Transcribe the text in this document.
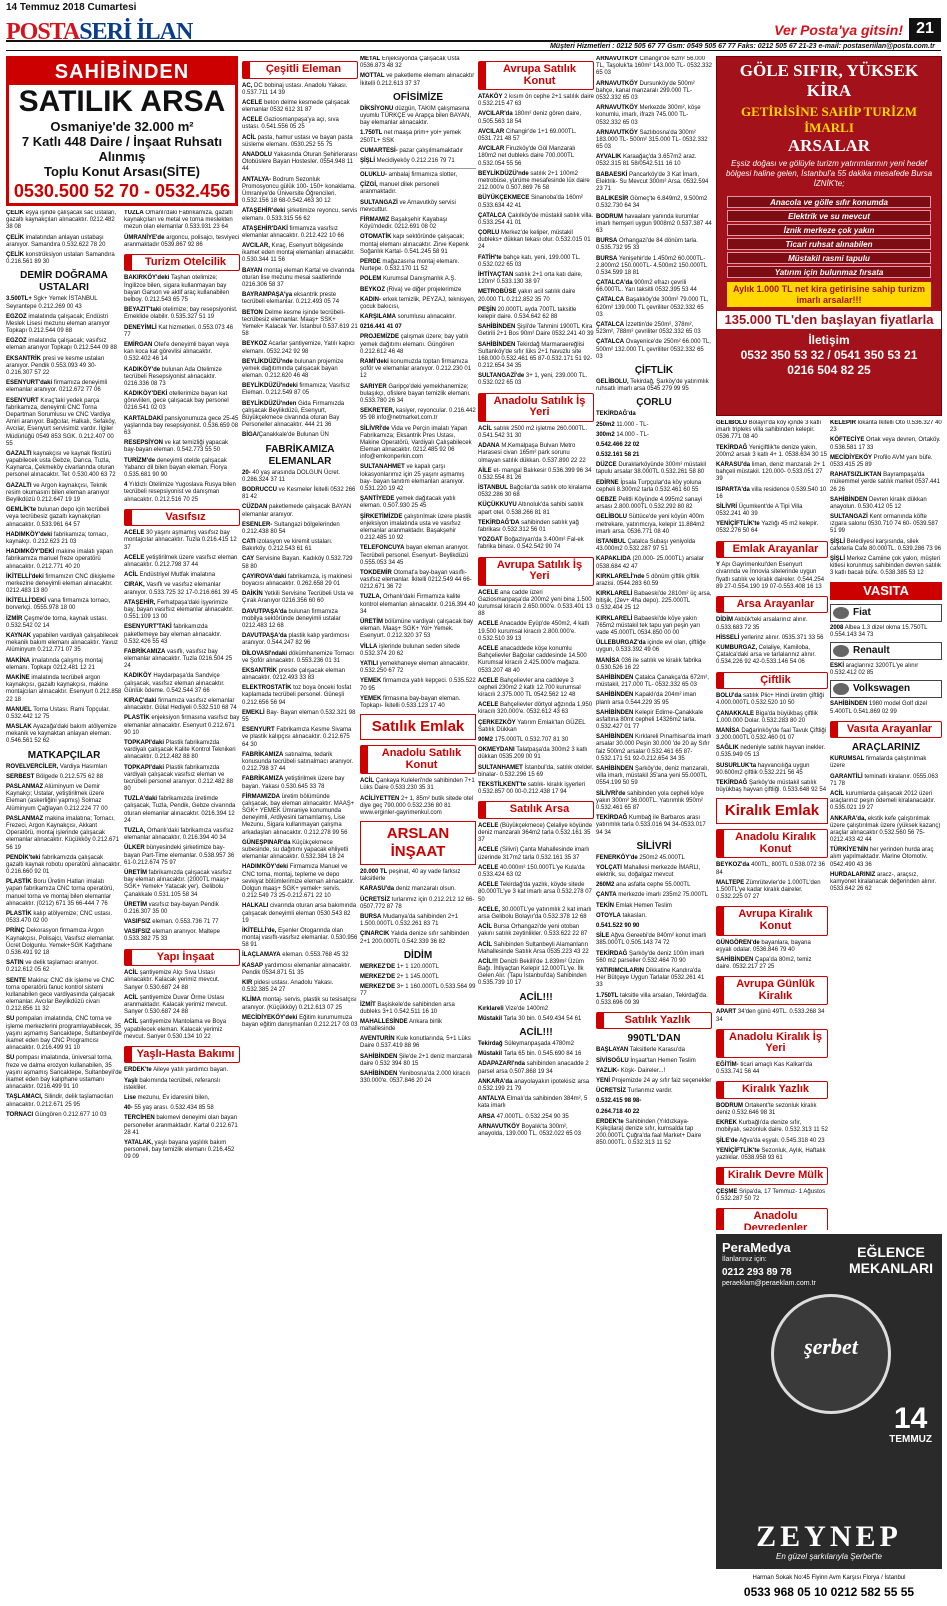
14 Temmuz 2018 Cumartesi
POSTASERİ İLAN	Ver Posta'ya gitsin! 21
Müşteri Hizmetleri : 0212 505 67 77 Gsm: 0549 505 67 77 Faks: 0212 505 67 21-23 e-mail: postaseriilan@posta.com.tr
SAHİBİNDEN
SATILIK ARSA
Osmaniye'de 32.000 m²
7 Katlı 448 Daire / İnşaat Ruhsatı Alınmış
Toplu Konut Arsası(SİTE)
0530.500 52 70 - 0532.456
GÖLE SIFIR, YÜKSEK KİRA
GETİRİSİNE SAHİP TURİZM İMARLI
ARSALAR
Eşsiz doğası ve gölüyle turizm yatırımlarının yeni hedef bölgesi haline gelen, İstanbul'a 55 dakika mesafede Bursa İZNİK'te;
Anacola ve gölle sıfır konumda
Elektrik ve su mevcut
İznik merkeze çok yakın
Ticari ruhsat alınabilen
Müstakil rasmi tapulu
Yatırım için bulunmaz fırsata
Aylık 1.000 TL net kira getirisine sahip turizm imarlı arsalar!!!
135.000 TL'den başlayan fiyatlarla
İletişim
0532 350 53 32 / 0541 350 53 21
0216 504 82 25
PeraMedya	EĞLENCE MEKANLARI
İlanlarınız için:
0212 293 89 78
peraeklam@peraeklam.com.tr
şerbet
14
TEMMUZ
ZEYNEP
En güzel şarkılarıyla Şerbet'te
Harman Sokak No:45 Fiyinn Avm Karşısı Florya / İstanbul
0533 968 05 10 0212 582 55 55

ÇELİK eşya işinde çalışacak sac ustaları, gazaltı kaynakçıları alınacaktır. 0212.482 38 08

ÇELİK imalatından anlayan ustabaşı aranıyor. Samandıra 0.532.622 78 20

ÇELİK konstrüksiyon ustaları Samandıra 0.216.561 89 30

DEMİR DOĞRAMA USTALARI

3.500TL+ Sgk+ Yemek İSTANBUL Seyrantepe 0.212.269 00 43

EGZOZ imalatında çalışacak; Endüstri Meslek Lisesi mezunu eleman aranıyor Topkapı 0.212.544 09 88

EGZOZ imalatında çalışacak; vasıfsız eleman aranıyor Topkapı 0.212.544 09 88

EKSANTRİK presi ve kesme ustaları aranıyor. Pendik 0.553.093 49 30-0.216.307 57 22

ESENYURT'daki firmamıza deneyimli elemanlar aranıyor. 0212.672 77 06

ESENYURT Kıraç'taki yedek parça fabrikamıza, deneyimli CNC Torna Departman Sorumlusu ve CNC Vardiya Amiri aranıyor. Bağcılar, Halkalı, Sefaköy, Avcılar, Esenyurt servisimiz vardır. İlgiler Müdürlüğü 0549 853 SGK. 0.212.407 00 55

GAZALTI kaynakçısı ve kaynak fikstürü yapabilecek usta Gebze, Darıca, Tuzla, Kaynarca, Çekmeköy civarlarında oturan personel alınacaktır. Tel: 0.530.400 63 72

GAZALTI ve Argon kaynakçısı, Teknik resim okumasını bilen eleman aranıyor Beylikdüzü 0.212.647 19 19

GEMLİK'te bulunan depo için tecrübeli veya tecrübesiz gazaltı kaynakçıları alınacaktır. 0.533.961 64 57

HADIMKÖY'deki fabrikamıza; tornacı, kaynakçı. 0.212.623 21 03

HADIMKÖY'DEKİ makine imalatı yapan fabrikamıza manuel freze operatörü alınacaktır. 0.212.771 40 20

İKİTELLİ'deki firmamızın CNC dikişleme merkezine deneyimli eleman alınacaktır. 0212.483 13 80

İKİTELLİ'DEKİ vana firmamıza tornacı, borverkçi. 0555.978 18 00

İZMİR Çeşme'de torna, kaynak ustası. 0.532.542 02 14

KAYNAK yapabilen vardiyalı çalışabilecek mekanik bakım elemanı alınacaktır. Yavuz Alüminyum 0.212.771 07 35

MAKİNA imalatında çalışmış montaj elemanı. Topkapı 0212.481 12 21

MAKİNE imalatında tecrübeli argon kaynakçısı, gazaltı kaynakçısı, makine montajcıları alınacaktır. Esenyurt 0.212.858 22 18

MANUEL Torna Ustası. Rami Topçular. 0.532.442 12 75

MASLAK Ayazağa'daki bakım atölyemize mekanik ve kaynaktan anlayan eleman. 0.546.561 52 62

MATKAPÇILAR

ROVELVERCİLER, Vardiya Hasımları

SERBEST Bölgede 0.212.575 62 88

PASLANMAZ Alüminyum ve Demir Kaynakçı; Ustalar, yetiştirilmek üzere Eleman (askerliğini yapmış) Solmaz Alüminyum Çağlayan 0.212.224 77 00

PASLANMAZ makina imalatına; Tornacı, Frezeci, Argon Kaynakçısı, Akkant Operatörü, montaj işlerinde çalışacak elemanlar alınacaktır. Küçükköy 0.212.671 56 19

PENDİK'teki fabrikamızda çalışacak gazaltı kaynak robotu operatörü alınacaktır. 0.216.660 92 01

PLASTİK Boru Üretim Hatları imalatı yapan fabrikamıza CNC torna operatörü, manuel torna ve montaj bilen elemanlar alınacaktır. (0212) 671 35 66-444 7 76

PLASTİK kalıp atölyemize; CNC ustası. 0533.470 02 00

PRİNÇ Dekorasyon firmamıza Argon Kaynakçısı, Polisajcı, Vasıfsız elemanlar. Ücret Dolgunlu. Yemek+SGK Kağıthane 0.536.491 92 18

SATIN ve delik taşlamacı aranıyor. 0.212.612 05 62

SENTE Makina; CNC dik işleme ve CNC torna operatörü fanuc kontrol sistemi kullanabilen gece vardiyasında çalışacak elemanlar. Avcılar Beylikdüzü civarı 0.212.856 11 32

SU pompaları imalatında, CNC torna ve işleme merkezlerini programlayabilecek, 35 yaşını aşmamış Sancaktepe, Sultanbeyli'de ikamet eden bay CNC Programcısı alınacaktır. 0.216.499 91 10

SU pompası imalatında, üniversal torna, freze ve dalma erozyon kullanabilen, 35 yaşını aşmamış Sancaktepe, Sultanbeyli'de ikamet eden bay kalıphane ustamanı alınacaktır. 0216.499 91 10

TAŞLAMACI, Silindir, delik taşlamacıları alınacaktır. 0.212.671 25 95

TORNACI Güngören 0.212.677 10 03

TUZLA Orhanlı'daki Fabrikamıza, gazaltı kaynakçıları ve metal ve torna meslekten mezun olan elemanlar 0.533.931 23 64

ÜMRANİYE'de argoncu, polisajcı, tesviyeci aranmaktadır 0539.867 92 86

Turizm Otelcilik

BAKIRKÖY'deki Taşhan otelimize; İngilizce bilen, sigara kullanmayan bay bayan Garson ve aktif araç kullanabilen belboy. 0.212.543 65 75

BEYAZIT'taki otelimize; bay resepsiyonist. Emeklide olabilir. 0.535.327 51 19

DENEYİMLİ Kat hizmetleri. 0.553.073 46 77

EMİRGAN Otel'e deneyimli bayan veya kan koca kat görevlisi alınacaktır. 0.532.402 46 14

KADIKÖY'de bulunan Ada Otelimize tecrübeli Resepsiyonist alınacaktır. 0216.336 08 73

KADIKÖY'DEKİ otellerimize bayan kat görevlileri, gece çalışacak bay personel 0216.541 02 03

KARTALDAKİ pansiyonumuza gece 25-45 yaşlarında bay resepsiyonist. 0.536.659 08 63

RESEPSİYON ve kat temizliği yapacak bay-bayan eleman. 0.542.773 55 50

TURİZM'de deneyimli otelde çalışacak Yabancı dil bilen bayan eleman. Florya 0.535.681 90 90

4 Yıldızlı Otelimize Yugoslava Rusya bilen tecrübeli resepsiyonist ve danışman alınacaktır. 0.212.516 70 25

Vasıfsız

ACELE 30 yaşını aşmamış vasıfsız bay montajcılar alınacaktır. Tuzla 0.216.415 12 37

ACELE yetiştirilmek üzere vasıfsız eleman alınacaktır. 0.212.798 37 44

ACİL Endüstriyel Mutfak imalatına

CIRAK, Vasıflı ve vasıfsız elemanlar aranıyor. 0.533.725 32 17-0.216.661 39 45

ATAŞEHİR, Ferhatpaşa'daki işyerimize bay, bayan vasıfsız elemanlar alınacaktır. 0.551.109 13 00

ESENYURT'TAKİ fabrikamızda paketlemeye bay eleman alınacaktır. 0.532.426 55 43

FABRİKAMIZA vasıflı, vasıfsız bay elemanlar alınacaktır. Tuzla 0216.504 25 24

KADIKÖY Haydarpaşa'da Sandviçe çalışacak, vasıfsız eleman alınacaktır. Günlük ödeme. 0.542.544 37 66

KIRAÇ'daki firmamıza vasıfsız elemanlar alınacaktır. Gülal Hediyeli 0.532.510 68 74

PLASTİK enjeksiyon firmasına vasıfsız bay elemanlar alınacaktır. Esenyurt 0.212.671 90 10

TOPKAPI'daki Plastik fabrikamızda vardiyalı çalışacak Kalite Kontrol Teknikeri alınacaktır. 0.212.482 88 80

TOPKAPI'daki Plastik fabrikamızda vardiyalı çalışacak vasıfsız eleman ve tecrübeli personel aranıyor. 0.212.482 88 80

TUZLA'daki fabrikamızda üretimde çalışacak, Tuzla, Pendik, Gebze civarında oturan elemanlar alınacaktır. 0216.394 12 24

TUZLA, Orhanlı'daki fabrikamıza vasıfsız elemanlar alınacaktır. 0.216.394 40 34

ÜLKER bünyesindeki şirketimize bay-bayan Part-Time elemanlar. 0.538.957 36 61-0.212.674 75 97

ÜRETİM fabrikamızda çalışacak vasıfsız bay eleman alınacaktır. (2000TL maaş+ SGK+ Yemek+ Yatacak yer). Gelibolu Çanakkale 0.531.105 58 34

ÜRETİM vasıfsız bay-bayan Pendik 0.216.307 35 00

VASIFSIZ eleman. 0.553.736 71 77

VASIFSIZ eleman aranıyor. Maltepe 0.533.382 75 33

Yapı İnşaat

ACİL şantiyemize Alçı Sıva Ustası alınacaktır. Kalacak yerimiz mevcut. Sanyer 0.530.687 24 88

ACİL şantiyemize Duvar Örme Ustası aranmaktadır. Kalacak yerimiz mevcut. Sanyer 0.530.687 24 88

ACİL şantiyemize Mantolama ve Boya yapabilecek eleman. Kalacak yerimiz mevcut. Sanyer 0.530.134 10 22

Yaşlı-Hasta Bakımı

ERDEK'te Aileye yatılı yardımcı bayan.

Yaşlı bakımında tecrübeli, referanslı istekliler.

Lise mezunu, Ev idaresini bilen,

40- 55 yaş arası. 0.532.434 85 58

TERCİHEN bakımevi deneyimi olan bayan personeller aranmaktadır. Kartal 0.212.671 28 41

YATALAK, yaşlı bayana yaşlılık bakım personeli, bay temizlik elemanı 0.216.452 09 09

Çeşitli Eleman

AC, DC bobinaj ustası. Anadolu Yakası. 0.537.711 14 39

ACELE beton delme kesmede çalışacak elemanlar 0532 612 31 87

ACELE Gaziosmanpaşa'ya açı, sıva ustası. 0.541.556 05 25

ACİL pasta, hamur ustası ve bayan pasta süsleme elemanı. 0530.252 55 75

ANADOLU Yakasında Oturan Şehirlerarası Otobüslere Bayan Hostesler. 0554.948 11 44

ANTALYA- Bodrum Sezonluk Promosyoncu gülük 100- 150+ konaklama. Ümraniye'de Üniversite Öğrencileri. 0.532.156 18 68-0.542.463 30 12

ATAŞEHİR'deki şirketimize reyoncu, servis elemanı. 0.533.315 56 62

ATAŞEHİR'DAKİ firmamıza vasıfsız elemanlar alınacaktır. 0.212.422 10 66

AVCILAR, Kıraç, Esenyurt bölgesinde ikamet eden montaj elemanları alınacaktır. 0.530.344 11 56

BAYAN montaj eleman Kartal ve civarında oturan lise mezunu mesai saatlerinde 0216.306 58 37

BAYRAMPAŞA'ya eksantrik preste tecrübeli elemanlar. 0.212.493 05 74

BETON Delme kesme işinde tecrübeli- tecrübesiz elemanlar. Maaş+ SSK+ Yemek+ Kalacak Yer. İstanbul 0.537.619 21 58

BEYKOZ Acarlar şantiyemize, Yatılı kapıcı elemanı. 0532.242 92 98

BEYLİKDÜZÜ'nde bulunan projemize yemek dağıtımında çalışacak bayan eleman. 0.212.620 46 48

BEYLİKDÜZÜ'ndeki firmamıza; Vasıfsız Eleman. 0.212.549 87 05

BEYLİKDÜZÜ'nden Gida Firmamızda çalışacak Beylikdüzü, Esenyurt, Büyükçekmece civarında oturan Bay Personeller alınacaktır. 444 21 36

BİGA/Çanakkale'de Bulunan ÜN

FABRİKAMIZA ELEMANLAR

20- 40 yaş arasında DOLGUN Ücret. 0.286.324 37 11

BODRUCCU ve Kesmeler İkitelli 0532 266 81 42

CÜZDAN paketlemede çalışacak BAYAN elemanlar aranıyor.

ESENLER- Sultangazi bölgelerinden 0.212.438 80 54

CATI izolasyon ve kiremit ustaları. Bakırköy. 0.212.543 61 61

CAY Servisine Bayan. Kadıköy 0.532.729 58 80

ÇAYIROVA'daki fabrikamıza, iş makinesi boyacısı alınacaktır. 0.262.658 29 01

DAİKİN Yetkili Servisine Tecrübeli Usta ve Çırak Aranıyor 0216.356 60 60

DAVUTPAŞA'da bulunan firmamıza mobilya sektöründe deneyimli ustalar 0212.483 12 68

DAVUTPAŞA'da plastik kalıp yardımcısı aranıyor. 0.544.247 82 96

DİLOVASI'ndaki dökümhanemize Tornacı ve Şoför alınacaktır. 0.553.236 01 31

EKSANTRİK presde çalışacak eleman alınacaktır. 0212.493 33 83

ELEKTROSTATİK toz boya önceki fosfat kaplamada tecrübeli personel. Güneşli 0.212.656 56 94

EMEKLİ Bay- Bayan eleman 0.532.321 98 55

ESENYURT Fabrikamıza Kesme Sivama ve plastik kalıpçısı alınacaktır. 0.212.675 64 30

FABRİKAMIZA satınalma, tedarik konusunda tecrübeli satınalmacı aranıyor. 0.212.798 37 44

FABRİKAMIZA yetiştirilmek üzere bay bayan. Yakası 0.530.645 33 78

FİRMAMIZDA üretim bölümünde çalışacak, bay eleman alınacaktır. MAAŞ+ SGK+ YEMEK Ümraniye konumunda deneyimli, Ardiyesini tamamlamış, Lise Mezunu, Sigara kullanmayan çalışma arkadaşları alınacaktır. 0.212.278 99 56

GÜNEŞPINAR'da Küçükçekmece subesinde, su dağıtımı yapacak ehliyetli elemanlar alınacaktır. 0.532.384 18 24

HADIMKÖY'deki Firmamıza Manuel ve CNC torna, montaj, tepleme ve depo sevkiyat bölümlerimize eleman alınacaktır. Dolgun maaş+ SGK+ yemek+ servis. 0.212.549 73 25-0.212.671 22 10

HALKALI civarında oturan arsa bakımında çalışacak deneyimli eleman 0530.543 82 19

İKİTELLİ'de, Eşenler Otogarında olan montaj vasıflı-vasıfsız elemanlar. 0.530.956 58 91

İLAÇLAMAYA eleman. 0.553.768 45 32

KASAP yardımcısı elemanlar alınacaktır. Pendik 0534.871 51 35

KIR pidesi ustası. Anadolu Yakası. 0.532.385 24 27

KLİMA montaj- servis, plastik su tesisatçısı aranıyor. (Küçükköy) 0.212.613 07 25

MECİDİYEKÖY'deki Eğitim kurumumuza bayan eğitim danışmanları 0.212.217 03 03

METAL Enjeksiyonda Çalışacak Usta 0536.873 48 32

MOTTAL ve paketleme elemanı alınacaktır İkitelli 0.212.613 37 37

OFİSİMİZE

DİKSİYONU düzgün, TAKIM çalışmasına uyumlu TÜRKÇE ve Arapça bilen BAYAN, bay elemanlar alınacaktır.

1.750TL net maaşa prim+ yol+ yemek 250TL+ SSK

CUMARTESİ- pazar çalışılmamaktadır

ŞİŞLİ Mecidiyeköy 0.212.216 79 71

OLUKLU- ambalaj firmamıza slotter,

ÇİZGİ, manuel dilek personeli aranmaktadır.

SULTANGAZİ ve Arnavutköy servisi mevcuttur.

FİRMAMIZ Başakşehir Kayabaşı Köyü'ndedir. 0212.691 08 02

OTOMATİK kapı sektöründe çalışacak; montaj elemanı alınacaktır. Zirve Kepenk Soğanlık Kartal- 0.541.245 58 91

PERDE mağazasına montaj elemanı. Nurtepe. 0.532.170 11 52

POLEM Kurumsal Danışmanlık A.Ş.

BEYKOZ (Riva) ve diğer projelerimize

KADIN- erkek temizlik, PEYZAJ, teknisyen, çocuk bakıcısı,

KARŞILAMA sorumlusu alınacaktır.

0216.441 41 07

PROJEMİZDE çalışmak üzere; bay yatılı yemek dağıtımı elemanı. Güngören 0.212.612 46 48

RAMİ'deki konumuzda toptan firmamıza şoför ve elemanlar aranıyor. 0.212.230 01 12

SARIYER Garipçe'deki yemekhanemize; bulaşıkçı, ofislere bayan temizlik elemanı. 0.533.780 26 34

SEKRETER, kasiyer, reyoncular. 0.216.442 95 98 info@netmarket.com.tr

SİLİVRİ'de Vida ve Perçin imalatı Yapan Fabrikamıza; Eksantrik Pres Ustası, Makine Operatörü, Vardiyalı Çalışabilecek Eleman alınacaktır. 0212.485 92 06 info@emkonperkin.com

SULTANAHMET ve kapalı çarşı lokasyonlarımız için 25 yaşını aşmamış bay- bayan tanıtım elemanları aranıyor. 0.531.220 19 42

ŞANTİYEDE yemek dağıtacak yatılı eleman. 0.507.930 25 45

ŞİRKETİMİZDE çalıştırılmak üzere plastik enjeksiyon imalatında usta ve vasıfsız elemanlar aranmaktadır. Başakşehir 0.212.485 10 92

TELEFONCUYA bayan eleman aranıyor. Tecrübeli personel. Esenyurt- Beylikdüzü 0.555.053 34 45

TOKDEMİR Otomat'a bay-bayan vasıflı- vasıfsız elemanlar. İkitelli 0212.549 44 66-0212.671 36 72

TUZLA, Orhanlı'daki Firmamıza kalite kontrol elemanları alınacaktır. 0.216.394 40 34

ÜRETİM bölümüne vardiyalı çalışacak bay eleman. Maaş+ SGK+ Yol+ Yemek. Esenyurt. 0.212.320 37 53

VİLLA işlerinde bulunan seden sitede 0.532.374 20 62

YATILI yemekhaneye eleman alınacaktır. 0.532.250 67 72

YEMEK firmamıza yatılı kepçeci. 0.535.522 70 95

YEMEK firmasına bay-bayan eleman. Topkapı- İkitelli 0.533.123 17 40

Satılık Emlak
Anadolu Satılık Konut

ACİL Çankaya Kuleleri'nde sahibinden 7+1 Lüks Daire 0.533.230 35 31

ACİLİYETTEN 2+ 1, 85m² butik sitede otel diye geç 790.000 0.532.236 80 81 www.erginler-gayrimenkul.com

ARSLAN İNŞAAT

20.000 TL peşinat, 40 ay vade farksız taksitlerle

KARASU'da deniz manzaralı olsun.

ÜCRETSİZ turlarımız için 0.212.212 12 66-0507.772 87 78

BURSA Mudanya'da sahibinden 2+1 1.500.000TL 0.532.261 83 71

ÇINARCIK Yalıda denize sıfır sahibinden 2+1 200.000TL 0.542.339 36 82

DİDİM

MERKEZ'DE 1+ 1 120.000TL

MERKEZ'DE 2+ 1 145.000TL

MERKEZ'DE 3+ 1 160.000TL 0.533.564 99 77

İZMİT Başiskele'de sahibinden arsa dubleks 3+1 0.542.511 16 10

MAHALLESİNDE Ankara birlik mahallesinde

AVENTURİN Kule konutlarında, 5+1 Lüks Daire 0.537.419 88 96

SAHİBİNDEN Şile'de 2+1 deniz manzaralı daire 0.532 394 80 15

SAHİBİNDEN Yenibosna'da 2.000 kiracılı 330.000'e. 0537.846 20 24

Avrupa Satılık Konut

ATAKÖY 2 kısım ön cephe 2+1 satılık daire 0.532.215 47 63

AVCILAR'da 180m² deniz gören daire, 0.505.563 18 54

AVCILAR Cihangir'de 1+1 69.000TL. 0531.721 48 57

AVCILAR Firuzköy'de Göl Manzaralı 180m2 net dubleks daire 700.000TL 0.532.054 55 56

BEYLİKDÜZÜ'nde satılık 2+1 100m2 metrobüse, yürüme mesafesinde lüx daire 212.000'e 0.507.869 76 58

BÜYÜKÇEKMECE Sinanoba'da 160m² 0.533.634 42 41

ÇATALCA Çakılköy'de müstakil satılık villa. 0.533.254 41 01

ÇORLU Merkez'de keliper, müstakil dubleks+ dükkan tekası olur. 0.532.015 01 24

FATİH'te bahçe katı, yeni, 199.000 TL. 0.532.022 65 03

İHTİYAÇTAN satılık 2+1 orta katı daire, 120m² 0.533.130 38 97

METROBÜSE yakın acil satılık daire 20.000 TL 0.212.852 35 70

PEŞİN 20.000TL ayda 700TL taksitle kelepir daire. 0.534.642 62 88

SAHİBİNDEN Şişli'de Tahmini 1900TL Kira Getirili 2+1 Bos 90m² Daire 0532.241 40 39

SAHİBİNDEN Tekirdağ Marmaraereğlisi Sultanköy'de sıfır lüks 2+1 havuzlu site 168.000 0.532.461 65 87-0.532.171 51 92-0.212.654 34 35

SULTANGAZİ'de 3+ 1, yeni, 239.000 TL. 0.532.022 65 03

Anadolu Satılık İş Yeri

ACİL satılık 2500 m2 işletme 260.000TL. 0.541.542 31 30

ADANA M.Kemalpaşa Bulvarı Metro Harasesi civarı 165m² park sorunu olmayan satılık dükkan. 0.537.890 22 22

AİLE et- mangal Balıkesir 0.536.399 96 34 0.532.554 81 26

İSTANBUL Bağcılar'da satılık oto kiralama 0532.286 30 68

KÜÇÜKKUYU Altınoluk'da sahibi satılık apart otel. 0.538.266 81 81

TEKİRDAĞ'DA sahibinden satılık yağ fabrikası 0.532.312 56 01

YOZGAT Boğazlıyan'da 3.400m² Fal-ek fabrika binası. 0.542.542 90 74

Avrupa Satılık İş Yeri

ACELE ana cadde üzeri Gaziosmanpaşa'da 200m2 yeni bina 1.500 kurumsal kiracılı 2.650.000'e. 0.533.401 13 88

ACELE Anacadde Eyüp'de 450m2, 4 katlı 19.500 kurumsal kiracılı 2.800.000'e. 0.532.510 39 13

ACELE anacaddede köşe konumlu Bahçelievler Bağcılar caddesinde 14.500 Kurumsal kiracılı 2.425.000'e mağaza. 0533.207 48 40

ACELE Bahçelievler ana caddeye 3 cepheli 230m2 2 katlı 12.700 kurumsal kiracılı 2.375.000 TL 0542.562 12 48

ACELE Bahçelievler dörtyol ağzında 1.950 kiracılı 320.000'e. 0532.612 43 63

ÇERKEZKÖY Yatırım Emlak'tan GÜZEL Satılık Dükkan

90M2 175.000TL 0.532.707 81 30

OKMEYDANI Talatpaşa'da 300m2 3 katlı dükkan 0535.209 00 91

SULTANHAMET İstanbul'da, satılık otelder, binalar- 0.532.296 15 69

TEKSTİLKENT'te satılık- kiralık işyerleri 0.532.857 00 00-0.212.438 17 94

Satılık Arsa

ACELE (Büyükçekmece) Çelaliye köyünde deniz manzaralı 364m2 tarla 0.532.161 35 37

ACELE (Silivri) Çanta Mahallesinde imarlı üzerinde 317m2 tarla 0.532.161 35 37

ACELE 40.000m² 150.000TL'ye Kula'da 0.533.424 63 02

ACELE Tekirdağ'da yazlık, köyde sitede 80.000TL'ye 3 kat imarlı arsa 0.532.278 07 50

ACELE, 30.000TL'ye yatırımlık 2 kat imarlı arsa Gelibolu Bolayır'da 0.532.378 12 68

ACİL Bursa Orhangazi'de yeni otoban yakını satılık zeytinlikler. 0.533.622 22 87

ACİL Sahibinden Sultanbeyli Alamanların Mahallesinde Satılık Arsa 0535.223 43 22

ACİL!!! Denizli Bekilli'de 1.839m² Üzüm Bağı. İhtiyaçtan Kelepir 12.000TL'ye. İlk Gelen Alır. (Tapu İstanbul'da) Sahibinden 0.535.739 10 17

ACİL!!!

Kırklareli Vize'de 1400m2

Müstakil Tarla 30 bin. 0.549.434 54 61

ACİL!!!

Tekirdağ Süleymanpaşada 4780m2

Müstakil Tarla 65 bin. 0.545.690 84 16

ADAPAZARI'nda sahibinden anacadde 2 parsel arsa 0.507.868 19 34

ANKARA'da anayolayakın ipotekisiz arsa 0.532.199 21 79

ANTALYA Elmalı'da sahibinden 384m², 5 kata imarlı

ARSA 47.000TL. 0.532.254 90 35

ARNAVUTKÖY Boyalık'ta 300m², anayolda, 139.000 TL. 0532.022 65 03

ARNAVUTKÖY Cihangir'de 62m² 56.000 TL, Taşoluk'ta 160m² 143.000 TL- 0532.332 65 03

ARNAVUTKÖY Dursunköy'de 500m² bahçe, kanal manzaralı 299.000 TL- 0532.332 65 03

ARNAVUTKÖY Merkezde 300m², köşe konumlu, imarlı, ifrazlı 745.000 TL- 0532.332 65 03

ARNAVUTKÖY Sazlıbosna'da 300m² 183.000 TL- 500m² 315.000 TL- 0532.332 65 03

AYVALIK Karaağaç'da 3.657m2 araz. 0532.315 81 58/0542.511 16 10

BABAESKİ Pancarköy'de 3 Kat İmarlı, Elektrik- Su Mevcut 300m² Arsa. 0532.594 23 71

BALIKESİR Gömeç'te 6.849m2, 9.500m2 0.532.730 64 34

BODRUM havaalanı yanında kurumlar imarlı hemşeri uygun 9008m2 0.537.387 44 63

BURSA Orhangazi'de 84 dönüm tarla. 0.535.732 95 33

BURSA Yenişehir'de 1.450m2 60.000TL- 2.800m2 150.000TL- 4.500m2 150.000TL 0.534.599 18 81

ÇATALCA'da 900m2 efrazı çevrili 66.000TL. Yarı taksitli 0532.395 53 44

ÇATALCA Başakköy'de 300m² 79.000 TL, 620m² 139.000 TL çevriliter 0532.332 65 03

ÇATALCA İzzettin'de 250m², 378m², 523m², 788m² çevriliter 0532.332 65 03

ÇATALCA Ovayenice'de 250m² 66.000 TL, 500m² 132.000 TL çevriliter 0532.332 65 03

ÇİFTLİK

GELİBOLU, Tekirdağ, Şarköy'de yatırımlık ruhsatlı imarlı arsa 0545 279 99 95

ÇORLU

TEKİRDAĞ'da

250m2 11.000 - TL-

300m2 14.000 - TL-

0.542.466 22 02

0.532.161 58 21

DÜZCE Duraklarköyünde 300m² müstakil tapulu arsalar 38.000TL 0.532.261 58 80

EDİRNE İpsala Turpçular'da köy yoluna cepheli 8.300m2 tarla 0.532.461 60 55

GEBZE Pelitli Köyünde 4.995m2 sanayi arsası 2.800.000TL 0.532.292 80 82

GELİBOLU Süttüce'de yeni köyün 400m metrekare, yatırımcıya, kelepir 11.884m2 imarlı arsa. 0536.771 08 40

İSTANBUL Çatalca Subaşı yeniyolda 43.000m2 0.532.287 97 51

KAPAKLIDA (20.000- 25.000TL) arsalar 0538.684 42 47

KIRKLARELİ'nde 5 dönüm çiftlik çiftlik arazisi. 0544.283 60.59

KIRKLARELİ Babaeski'de 2810m² üç arsa, bitişik, (2ev+ 4ha depo). 225.000TL 0.532.404 25 12

KIRKLARELİ Babaeski'de köye yakın 765m2 müstakil tek tapu yan peşin yarı vade 45.000TL 0534.850 00 00

ÜLLEBURGAZ'da içinde evi olan, çiftliğe uygun, 0.533.392 49 06

MANİSA 036 ile satılık ve kiralık fabrika 0.530.526 16 22

SAHİBİNDEN Çatalca Çanakça'da 672m², müstakil, 217.000 TL- 0532.332 65 03

SAHİBİNDEN Kapaklı'da 204m² imarı planlı arsa 0.544.229 35 95

SAHİBİNDEN Kelepir Edirne-Çanakkale asfaltına 80mt cepheli 14326m2 tarla. 0.532.427 01 77

SAHİBİNDEN Kırklareli Pınarhisar'da imarlı arsalar 30.000 Peşin 30.000 'de 20 ay Sıfır faiz 500m2 arsalar 0.532.461 65 87-0.532.171 51 92-0.212.654 34 35

SAHİBİNDEN Şarköy'de, deniz manzaralı, villa imarlı, müstakil 35'ana yeni 55.000TL 0554.199 50 59

SİLİVRİ'de sahibinden yola cepheli köye yakın 300m² 36.000TL. Yatırımlık 950m² 0.532.461 65 87

TEKİRDAĞ Kumbağ ile Barbaros arası yatırımlık tarla 0.533.016 94 34-0533.017 94 34

SİLİVRİ

FENERKÖY'de 250m2 45.000TL

YOLÇATI Mahallesi merkezde İMARLI, elektrik, su, doğalgaz mevcut

260M2 ana asfalta cephe 55.000TL

ÇANTA merkezde imarlı 235m2 75.000TL

TEKİN Emlak Hemen Teslim

OTOYLA takasları.

0.541.522 90 90

SİLE Ağva Gereebi'de 840m² konut imarlı 385.000TL 0.505.143 74 72

TEKİRDAĞ Şarköy'de deniz 100m imarlı 560 m2 parseller 0.532.464 70 90

YATIRIMCILARIN Dikkatine Kandıra'da Her Bütçeye Uygun Tarlalar 0532.261 41 33

1.750TL taksitle villa arsaları, Tekirdağ'da. 0.533.696 09 39

Satılık Yazlık
990TL'DAN

BAŞLAYAN Taksitlerle Karasu'da

SİVİSOĞLU İnşaat'tan Hemen Teslim

YAZLIK- Köşk- Daireler...!

YENİ Projemizde 24 ay sıfır faiz seçenekler

ÜCRETSİZ Turlarımız vardır.

0.532.415 98 98-

0.264.718 40 22

ERDEK'te Sahibinden (Yıldızkaya- Kşikçilara) denize sıfır, kumsalda tap 200.000TL Çuğra'da faal Market+ Daire 850.000TL. 0.532.313 11 52

GELİBOLU Bolayır'da köy içinde 3 katlı imarlı tripleks villa sahibinden kelepir. 0536.771 08 40

TEKİRDAĞ Yeniçiftlik'te denize yakın, 200m2 arsalı 3 katlı 4+ 1. 0538.634 30 15

KARASU'da liman, deniz manzaralı 2+ 1 bahçeli müstakil. 120.000- 0.533.051 27 39

ISPARTA'da villa residence 0.539.540 10 16

SİLİVRİ Üçumkent'de A Tipi Villa 0532.241 40 39

YENİÇİFTLİK'te Yazlığı 45 m2 kelepir. 0532.276 50 64

Emlak Arayanlar

Y Apı Gayrimenkul'den Esenyurt civarında ve İnnovia sitelerinde uygun fiyatlı satılık ve kiralık daireler. 0.544.254 89 27-0.554.190 19 07-0.553.408 16 13

Arsa Arayanlar

DİDİM Akbük'teki arsalarınız alınır. 0.533.683 72 35

HİSSELİ yerlerinz alınır. 0535.371 33 56

KUMBURGAZ, Celaliye, Kamiloba, Çatalca'daki arsa ve tarlalarınız alınır. 0.534.226 92 42-0.533.146 54 06

Çiftlik

BOLU'da satılık Plic+ Hindi üretim çiftliği 4.000.000TL 0.532.520 10 50

ÇANAKKALE Biga'da büyükbaş çiftlik 1.000.000 Dolar. 0.532.283 80 20

MANİSA Dağarinköy'de faal Tavuk Çiftliği 3.200.000TL 0.532.460 01 07

SAĞLIK nedeniyle satılık hayvan inekler. 0.535.949 05 13

SUSURLUK'ta hayvancılığa uygun 90.600m2 çiftlik 0.532.221 56 45

TEKİRDAĞ Şarköy'de müstakil satılık büyükbaş hayvan çiftliği. 0.533.648 92 54

Kiralık Emlak
Anadolu Kiralık Konut

BEYKOZ'da 400TL, 800TL 0.538.072 36 84

MALTEPE Zümrütevler'de 1.000TL'den 1.500TL'ye kadar kiralık daireler. 0.532.225 07 27

Avrupa Kiralık Konut

GÜNGÖREN'de bayanlara, bayana eşyalı odalar. 0536.846 79 40

SAHİBİNDEN Çapa'da 80m2, temiz daire. 0532.217 27 25

Avrupa Günlük Kiralık

APART 34'den günü 49TL. 0.533.268 34 34

Anadolu Kiralık İş Yeri

EĞİTİM- ticari amaçlı Kas Kalkan'da 0.533.741 56 44

Kiralık Yazlık

BODRUM Ortakent'te sezonluk kiralık deniz 0.532.646 98 31

EKREK Kurbağlı'da denize sıfır, mobilyalı, sezonluk daire. 0.532.313 11 52

ŞİLE'de Ağva'da eşyalı. 0.545.318 40 23

YENİÇİFTLİK'te Sezonluk, Aylık, Haftalık yazlıklar. 0538.958 93 61

Kiralık Devre Mülk

ÇEŞME Sripa'da, 17 Temmuz- 1 Ağustos 0.532.287 50 72

Anadolu Devredenler

KELEPİR lokanta İkitelli Oto 0.536.327 40 23

KÖFTECİYE Ortak veya devren, Ortaköy. 0.536.581 17 33

MECİDİYEKÖY Profilo AVM yanı büfe. 0533.415 25 89

RAHATSIZLIKTAN Bayrampaşa'da mükemmel yerde satılık market 0537.441 26 26

SAHİBİNDEN Devren kiralık dükkan anayolun. 0.530.412 05 12

SULTANGAZİ Kent ormanında köfte ızgara salonu 0530.710 74 60- 0539.587 51 99

ŞİŞLİ Belediyesi karşısında, silek cafeteria Cafe 80.000TL. 0.539.286 73 96

ŞİŞLİ Merkez Camiine çok yakın, müşteri kitlesi korunmuş sahibinden devren satılık 3 katlı bacalı büfe. 0.538.385 53 12

VASITA
Fiat

2008 Albea 1.3 dizel okma 15.750TL 0.554.143 34 73

Renault

ESKİ araçlarınız 3200TL'ye alınır 0.532.412 02 85

Volkswagen

SAHİBİNDEN 1980 model Golf dizel 5.400TL 0.541.869 02 99

Vasıta Arayanlar
ARAÇLARINIZ

KURUMSAL firmalarda çalıştırılmak üzere

GARANTİLİ teminatlı kiralanır. 0555.063 71 78

ACİL kurumlarda çalışacak 2012 üzeri araçlarınız peşin ödemeli kiralanacaktır. 0.535.021 19 27

ANKARA'da, ekstik kefe çalıştırılmak üzere çalıştırılmak üzere (yüksek kazanç) araçlar alınacaktır 0.532.560 56 75- 0212.433 42 44

TÜRKİYE'NİN her yerinden hurda araç alım yapılmaktadır. Marine Otomotiv. 0542.490 43 36

HURDALARINIZ aracz-, araçsız, kamyonet kiralanacak değerinden alınır. 0533.642 26 62
